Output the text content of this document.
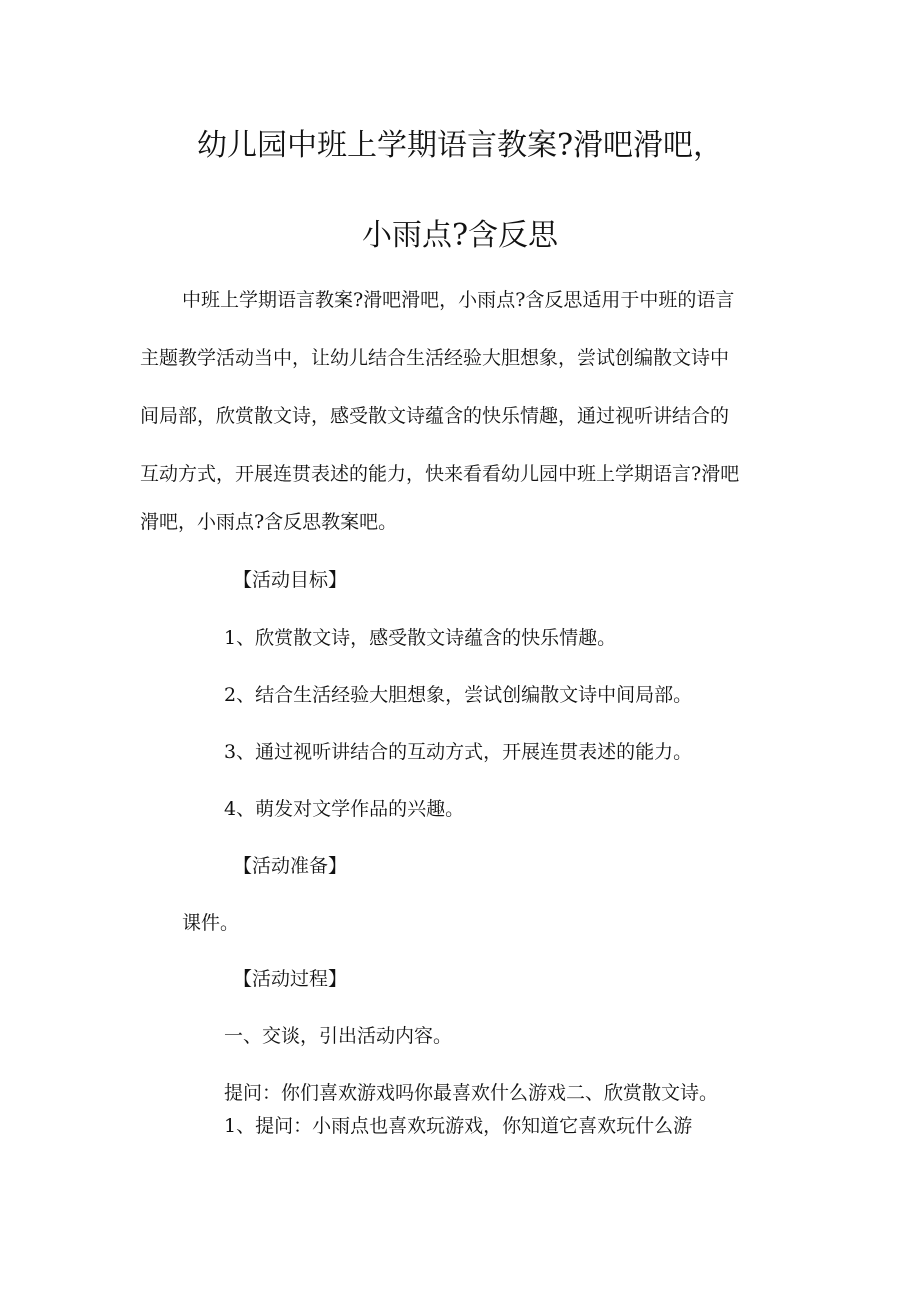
幼儿园中班上学期语言教案?滑吧滑吧，
小雨点?含反思
中班上学期语言教案?滑吧滑吧，小雨点?含反思适用于中班的语言
主题教学活动当中，让幼儿结合生活经验大胆想象，尝试创编散文诗中
间局部，欣赏散文诗，感受散文诗蕴含的快乐情趣，通过视听讲结合的
互动方式，开展连贯表述的能力，快来看看幼儿园中班上学期语言?滑吧
滑吧，小雨点?含反思教案吧。
【活动目标】
1、欣赏散文诗，感受散文诗蕴含的快乐情趣。
2、结合生活经验大胆想象，尝试创编散文诗中间局部。
3、通过视听讲结合的互动方式，开展连贯表述的能力。
4、萌发对文学作品的兴趣。
【活动准备】
课件。
【活动过程】
一、交谈，引出活动内容。
提问：你们喜欢游戏吗你最喜欢什么游戏二、欣赏散文诗。
1、提问：小雨点也喜欢玩游戏，你知道它喜欢玩什么游
